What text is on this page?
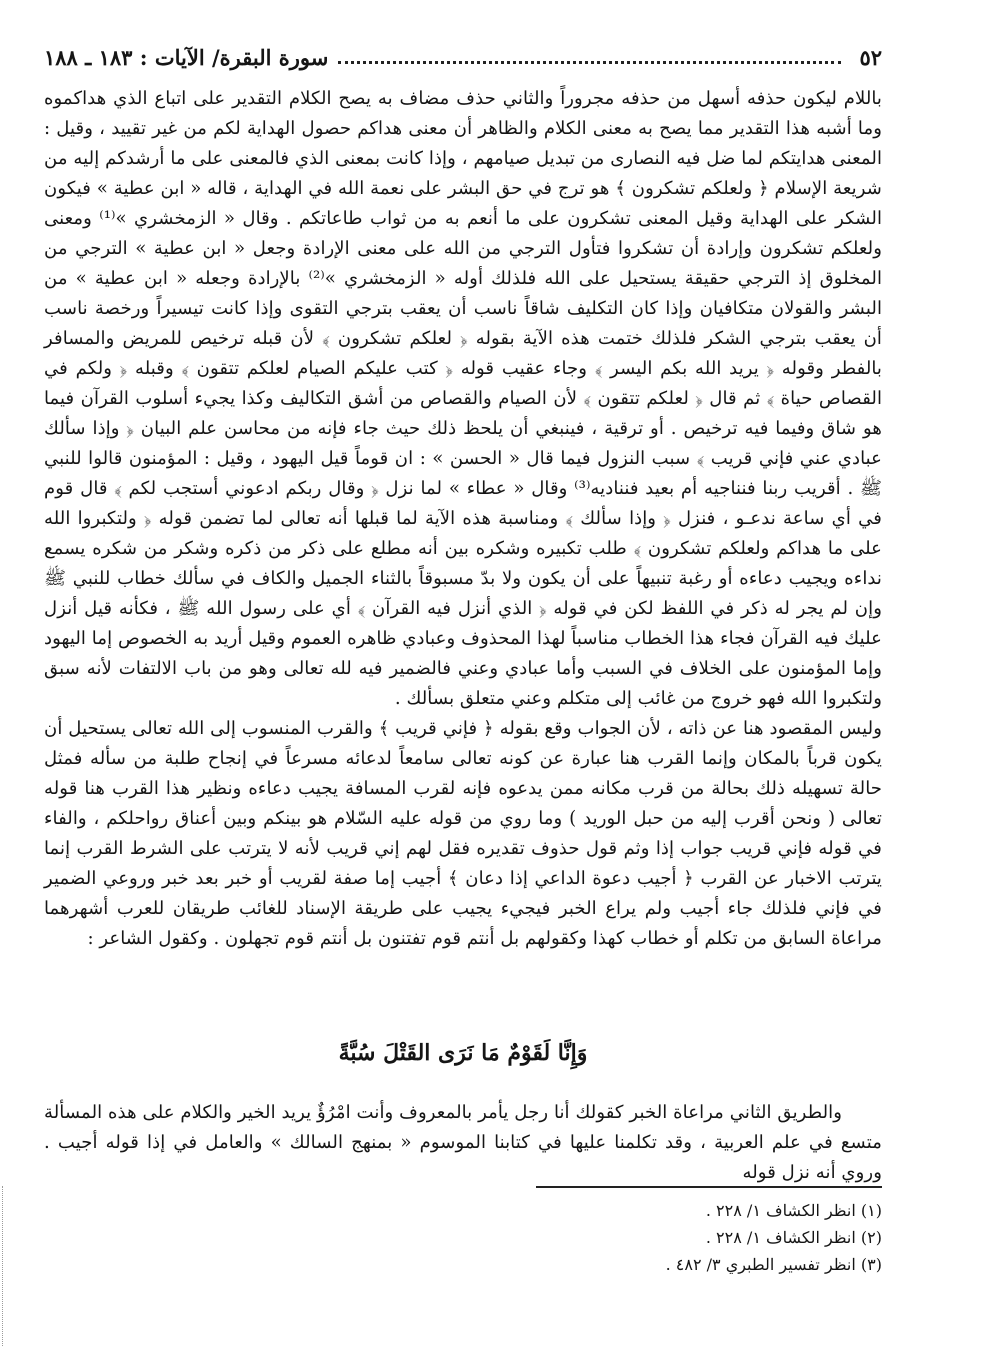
٥٢
سورة البقرة/ الآيات : ١٨٣ ـ ١٨٨

باللام ليكون حذفه أسهل من حذفه مجروراً والثاني حذف مضاف به يصح الكلام التقدير على اتباع الذي هداكموه وما أشبه هذا التقدير مما يصح به معنى الكلام والظاهر أن معنى هداكم حصول الهداية لكم من غير تقييد ، وقيل : المعنى هدايتكم لما ضل فيه النصارى من تبديل صيامهم ، وإذا كانت بمعنى الذي فالمعنى على ما أرشدكم إليه من شريعة الإسلام ﴿ ولعلكم تشكرون ﴾ هو ترج في حق البشر على نعمة الله في الهداية ، قاله « ابن عطية » فيكون الشكر على الهداية وقيل المعنى تشكرون على ما أنعم به من ثواب طاعاتكم . وقال « الزمخشري »⁽¹⁾ ومعنى ولعلكم تشكرون وإرادة أن تشكروا فتأول الترجي من الله على معنى الإرادة وجعل « ابن عطية » الترجي من المخلوق إذ الترجي حقيقة يستحيل على الله فلذلك أوله « الزمخشري »⁽²⁾ بالإرادة وجعله « ابن عطية » من البشر والقولان متكافيان وإذا كان التكليف شاقاً ناسب أن يعقب بترجي التقوى وإذا كانت تيسيراً ورخصة ناسب أن يعقب بترجي الشكر فلذلك ختمت هذه الآية بقوله ﴿ لعلكم تشكرون ﴾ لأن قبله ترخيص للمريض والمسافر بالفطر وقوله ﴿ يريد الله بكم اليسر ﴾ وجاء عقيب قوله ﴿ كتب عليكم الصيام لعلكم تتقون ﴾ وقبله ﴿ ولكم في القصاص حياة ﴾ ثم قال ﴿ لعلكم تتقون ﴾ لأن الصيام والقصاص من أشق التكاليف وكذا يجيء أسلوب القرآن فيما هو شاق وفيما فيه ترخيص . أو ترقية ، فينبغي أن يلحظ ذلك حيث جاء فإنه من محاسن علم البيان ﴿ وإذا سألك عبادي عني فإني قريب ﴾ سبب النزول فيما قال « الحسن » : ان قوماً قيل اليهود ، وقيل : المؤمنون قالوا للنبي ﷺ . أقريب ربنا فنناجيه أم بعيد فنناديه⁽³⁾ وقال « عطاء » لما نزل ﴿ وقال ربكم ادعوني أستجب لكم ﴾ قال قوم في أي ساعة ندعـو ، فنزل ﴿ وإذا سألك ﴾ ومناسبة هذه الآية لما قبلها أنه تعالى لما تضمن قوله ﴿ ولتكبروا الله على ما هداكم ولعلكم تشكرون ﴾ طلب تكبيره وشكره بين أنه مطلع على ذكر من ذكره وشكر من شكره يسمع نداءه ويجيب دعاءه أو رغبة تنبيهاً على أن يكون ولا بدّ مسبوقاً بالثناء الجميل والكاف في سألك خطاب للنبي ﷺ وإن لم يجر له ذكر في اللفظ لكن في قوله ﴿ الذي أنزل فيه القرآن ﴾ أي على رسول الله ﷺ ، فكأنه قيل أنزل عليك فيه القرآن فجاء هذا الخطاب مناسباً لهذا المحذوف وعبادي ظاهره العموم وقيل أريد به الخصوص إما اليهود وإما المؤمنون على الخلاف في السبب وأما عبادي وعني فالضمير فيه لله تعالى وهو من باب الالتفات لأنه سبق ولتكبروا الله فهو خروج من غائب إلى متكلم وعني متعلق بسألك .

وليس المقصود هنا عن ذاته ، لأن الجواب وقع بقوله ﴿ فإني قريب ﴾ والقرب المنسوب إلى الله تعالى يستحيل أن يكون قرباً بالمكان وإنما القرب هنا عبارة عن كونه تعالى سامعاً لدعائه مسرعاً في إنجاح طلبة من سأله فمثل حالة تسهيله ذلك بحالة من قرب مكانه ممن يدعوه فإنه لقرب المسافة يجيب دعاءه ونظير هذا القرب هنا قوله تعالى ( ونحن أقرب إليه من حبل الوريد ) وما روي من قوله عليه السّلام هو بينكم وبين أعناق رواحلكم ، والفاء في قوله فإني قريب جواب إذا وثم قول حذوف تقديره فقل لهم إني قريب لأنه لا يترتب على الشرط القرب إنما يترتب الاخبار عن القرب ﴿ أجيب دعوة الداعي إذا دعان ﴾ أجيب إما صفة لقريب أو خبر بعد خبر وروعي الضمير في فإني فلذلك جاء أجيب ولم يراع الخبر فيجيء يجيب على طريقة الإسناد للغائب طريقان للعرب أشهرهما مراعاة السابق من تكلم أو خطاب كهذا وكقولهم بل أنتم قوم تفتنون بل أنتم قوم تجهلون . وكقول الشاعر :

وَإِنَّا لَقَوْمٌ مَا نَرَى القَتْلَ سُبَّةً

والطريق الثاني مراعاة الخبر كقولك أنا رجل يأمر بالمعروف وأنت امْرُؤٌ يريد الخير والكلام على هذه المسألة متسع في علم العربية ، وقد تكلمنا عليها في كتابنا الموسوم « بمنهج السالك » والعامل في إذا قوله أجيب . وروي أنه نزل قوله

(١) انظر الكشاف ١/ ٢٢٨ .

(٢) انظر الكشاف ١/ ٢٢٨ .

(٣) انظر تفسير الطبري ٣/ ٤٨٢ .
